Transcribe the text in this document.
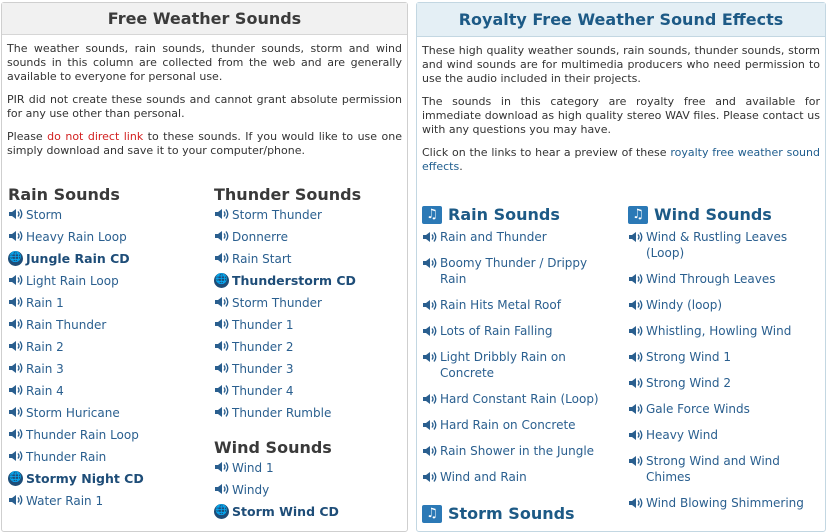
Free Weather Sounds

The weather sounds, rain sounds, thunder sounds, storm and wind sounds in this column are collected from the web and are generally available to everyone for personal use.

PIR did not create these sounds and cannot grant absolute permission for any use other than personal.

Please do not direct link to these sounds. If you would like to use one simply download and save it to your computer/phone.

Rain Sounds
Storm
Heavy Rain Loop
🌐 Jungle Rain CD
Light Rain Loop
Rain 1
Rain Thunder
Rain 2
Rain 3
Rain 4
Storm Huricane
Thunder Rain Loop
Thunder Rain
🌐 Stormy Night CD
Water Rain 1
Thunder Sounds
Storm Thunder
Donnerre
Rain Start
🌐 Thunderstorm CD
Storm Thunder
Thunder 1
Thunder 2
Thunder 3
Thunder 4
Thunder Rumble
Wind Sounds
Wind 1
Windy
🌐 Storm Wind CD
Royalty Free Weather Sound Effects

These high quality weather sounds, rain sounds, thunder sounds, storm and wind sounds are for multimedia producers who need permission to use the audio included in their projects.

The sounds in this category are royalty free and available for immediate download as high quality stereo WAV files. Please contact us with any questions you may have.

Click on the links to hear a preview of these royalty free weather sound effects.

♫ Rain Sounds
Rain and Thunder
Boomy Thunder / Drippy Rain
Rain Hits Metal Roof
Lots of Rain Falling
Light Dribbly Rain on Concrete
Hard Constant Rain (Loop)
Hard Rain on Concrete
Rain Shower in the Jungle
Wind and Rain
♫ Wind Sounds
Wind & Rustling Leaves (Loop)
Wind Through Leaves
Windy (loop)
Whistling, Howling Wind
Strong Wind 1
Strong Wind 2
Gale Force Winds
Heavy Wind
Strong Wind and Wind Chimes
Wind Blowing Shimmering
♫ Storm Sounds
